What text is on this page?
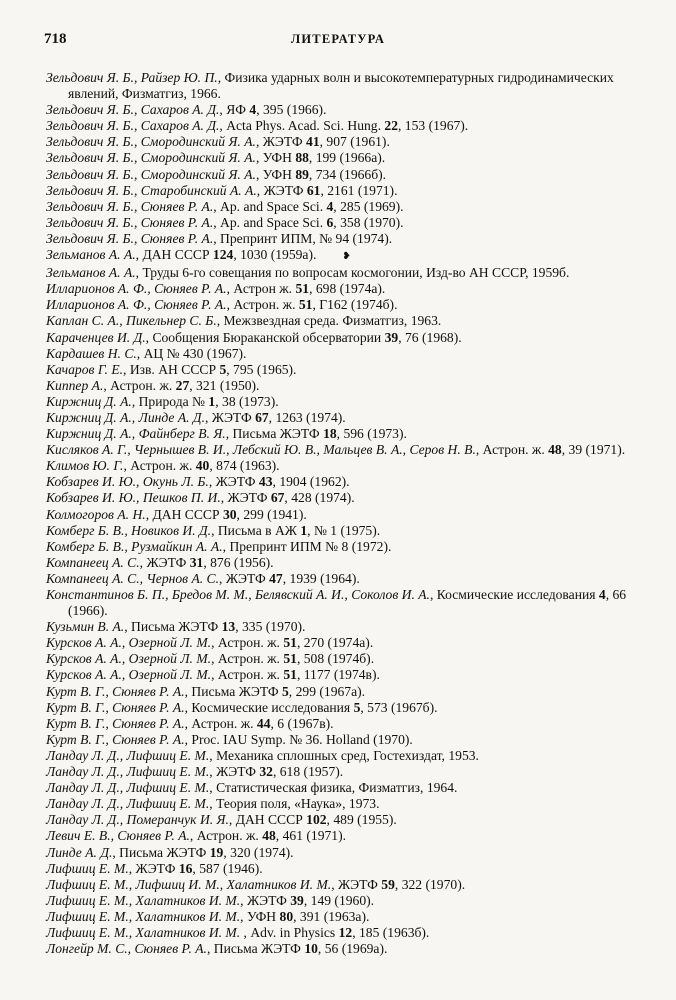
718	ЛИТЕРАТУРА

Зельдович Я. Б., Райзер Ю. П., Физика ударных волн и высокотемпературных гидродинамических явлений, Физматгиз, 1966.

Зельдович Я. Б., Сахаров А. Д., ЯФ 4, 395 (1966).

Зельдович Я. Б., Сахаров А. Д., Acta Phys. Acad. Sci. Hung. 22, 153 (1967).

Зельдович Я. Б., Смородинский Я. А., ЖЭТФ 41, 907 (1961).

Зельдович Я. Б., Смородинский Я. А., УФН 88, 199 (1966а).

Зельдович Я. Б., Смородинский Я. А., УФН 89, 734 (1966б).

Зельдович Я. Б., Старобинский А. А., ЖЭТФ 61, 2161 (1971).

Зельдович Я. Б., Сюняев Р. А., Ap. and Space Sci. 4, 285 (1969).

Зельдович Я. Б., Сюняев Р. А., Ap. and Space Sci. 6, 358 (1970).

Зельдович Я. Б., Сюняев Р. А., Препринт ИПМ, № 94 (1974).

Зельманов А. А., ДАН СССР 124, 1030 (1959а).	❥

Зельманов А. А., Труды 6-го совещания по вопросам космогонии, Изд-во АН СССР, 1959б.

Илларионов А. Ф., Сюняев Р. А., Астрон ж. 51, 698 (1974а).

Илларионов А. Ф., Сюняев Р. А., Астрон. ж. 51, Г162 (1974б).

Каплан С. А., Пикельнер С. Б., Межзвездная среда. Физматгиз, 1963.

Караченцев И. Д., Сообщения Бюраканской обсерватории 39, 76 (1968).

Кардашев Н. С., АЦ № 430 (1967).

Качаров Г. Е., Изв. АН СССР 5, 795 (1965).

Киппер А., Астрон. ж. 27, 321 (1950).

Киржниц Д. А., Природа № 1, 38 (1973).

Киржниц Д. А., Линде А. Д., ЖЭТФ 67, 1263 (1974).

Киржниц Д. А., Файнберг В. Я., Письма ЖЭТФ 18, 596 (1973).

Кисляков А. Г., Чернышев В. И., Лебский Ю. В., Мальцев В. А., Серов Н. В., Астрон. ж. 48, 39 (1971).

Климов Ю. Г., Астрон. ж. 40, 874 (1963).

Кобзарев И. Ю., Окунь Л. Б., ЖЭТФ 43, 1904 (1962).

Кобзарев И. Ю., Пешков П. И., ЖЭТФ 67, 428 (1974).

Колмогоров А. Н., ДАН СССР 30, 299 (1941).

Комберг Б. В., Новиков И. Д., Письма в АЖ 1, № 1 (1975).

Комберг Б. В., Рузмайкин А. А., Препринт ИПМ № 8 (1972).

Компанеец А. С., ЖЭТФ 31, 876 (1956).

Компанеец А. С., Чернов А. С., ЖЭТФ 47, 1939 (1964).

Константинов Б. П., Бредов М. М., Белявский А. И., Соколов И. А., Космические исследования 4, 66 (1966).

Кузьмин В. А., Письма ЖЭТФ 13, 335 (1970).

Курсков А. А., Озерной Л. М., Астрон. ж. 51, 270 (1974а).

Курсков А. А., Озерной Л. М., Астрон. ж. 51, 508 (1974б).

Курсков А. А., Озерной Л. М., Астрон. ж. 51, 1177 (1974в).

Курт В. Г., Сюняев Р. А., Письма ЖЭТФ 5, 299 (1967а).

Курт В. Г., Сюняев Р. А., Космические исследования 5, 573 (1967б).

Курт В. Г., Сюняев Р. А., Астрон. ж. 44, 6 (1967в).

Курт В. Г., Сюняев Р. А., Proc. IAU Symp. № 36. Holland (1970).

Ландау Л. Д., Лифшиц Е. М., Механика сплошных сред, Гостехиздат, 1953.

Ландау Л. Д., Лифшиц Е. М., ЖЭТФ 32, 618 (1957).

Ландау Л. Д., Лифшиц Е. М., Статистическая физика, Физматгиз, 1964.

Ландау Л. Д., Лифшиц Е. М., Теория поля, «Наука», 1973.

Ландау Л. Д., Померанчук И. Я., ДАН СССР 102, 489 (1955).

Левич Е. В., Сюняев Р. А., Астрон. ж. 48, 461 (1971).

Линде А. Д., Письма ЖЭТФ 19, 320 (1974).

Лифшиц Е. М., ЖЭТФ 16, 587 (1946).

Лифшиц Е. М., Лифшиц И. М., Халатников И. М., ЖЭТФ 59, 322 (1970).

Лифшиц Е. М., Халатников И. М., ЖЭТФ 39, 149 (1960).

Лифшиц Е. М., Халатников И. М., УФН 80, 391 (1963а).

Лифшиц Е. М., Халатников И. М. , Adv. in Physics 12, 185 (1963б).

Лонгейр М. С., Сюняев Р. А., Письма ЖЭТФ 10, 56 (1969а).
